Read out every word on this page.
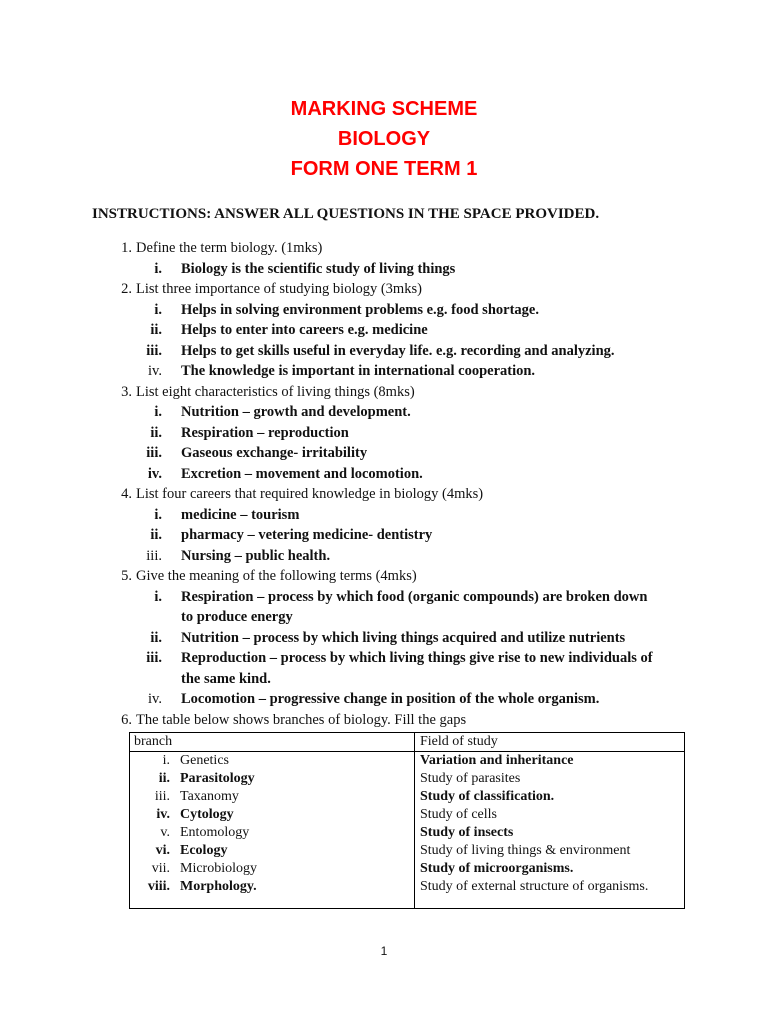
MARKING SCHEME
BIOLOGY
FORM ONE TERM 1
INSTRUCTIONS: ANSWER ALL QUESTIONS IN THE SPACE PROVIDED.
1. Define the term biology. (1mks)
i. Biology is the scientific study of living things
2. List three importance of studying biology (3mks)
i. Helps in solving environment problems e.g. food shortage.
ii. Helps to enter into careers e.g. medicine
iii. Helps to get skills useful in everyday life. e.g. recording and analyzing.
iv. The knowledge is important in international cooperation.
3. List eight characteristics of living things (8mks)
i. Nutrition – growth and development.
ii. Respiration – reproduction
iii. Gaseous exchange- irritability
iv. Excretion – movement and locomotion.
4. List four careers that required knowledge in biology (4mks)
i. medicine – tourism
ii. pharmacy – vetering medicine- dentistry
iii. Nursing – public health.
5. Give the meaning of the following terms (4mks)
i. Respiration – process by which food (organic compounds) are broken down
to produce energy
ii. Nutrition – process by which living things acquired and utilize nutrients
iii. Reproduction – process by which living things give rise to new individuals of
the same kind.
iv. Locomotion – progressive change in position of the whole organism.
6. The table below shows branches of biology. Fill the gaps
branch	Field of study
i. Genetics	Variation and inheritance
ii. Parasitology	Study of parasites
iii. Taxanomy	Study of classification.
iv. Cytology	Study of cells
v. Entomology	Study of insects
vi. Ecology	Study of living things & environment
vii. Microbiology	Study of microorganisms.
viii. Morphology.	Study of external structure of organisms.
1
